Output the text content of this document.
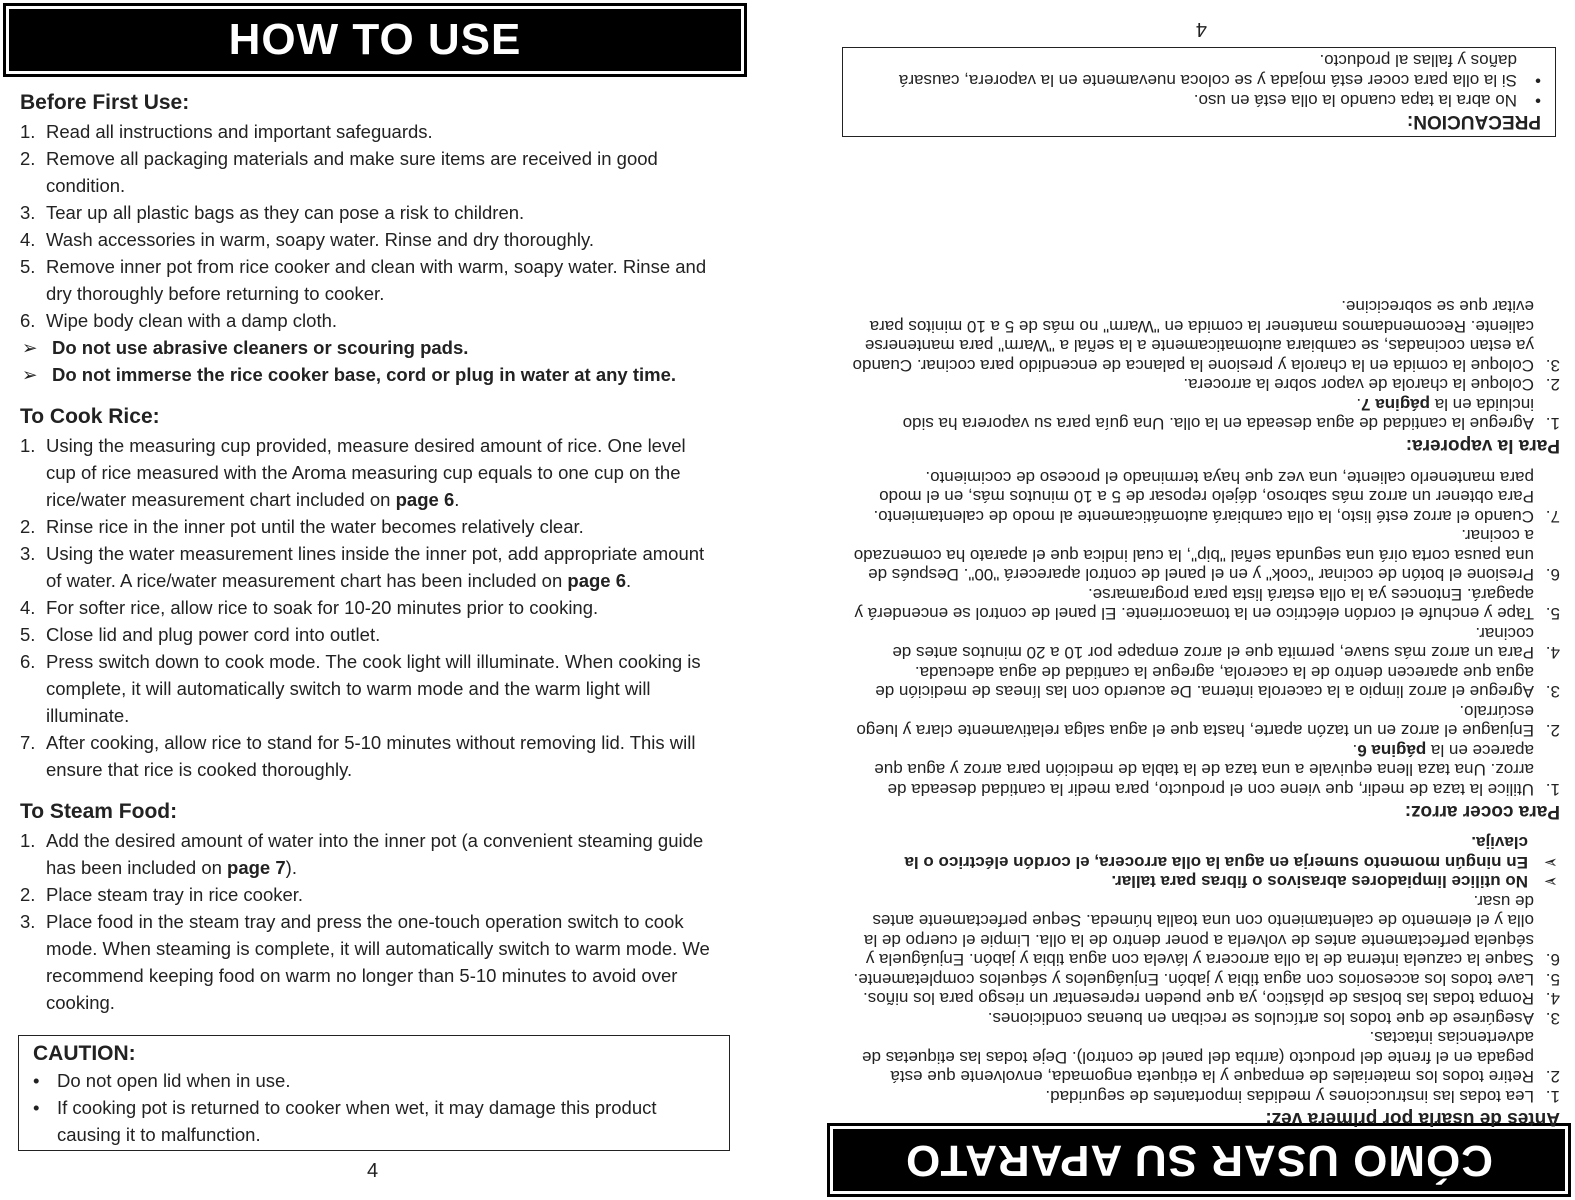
HOW TO USE
Before First Use:
1. Read all instructions and important safeguards.
2. Remove all packaging materials and make sure items are received in good condition.
3. Tear up all plastic bags as they can pose a risk to children.
4. Wash accessories in warm, soapy water. Rinse and dry thoroughly.
5. Remove inner pot from rice cooker and clean with warm, soapy water. Rinse and dry thoroughly before returning to cooker.
6. Wipe body clean with a damp cloth.
➢ Do not use abrasive cleaners or scouring pads.
➢ Do not immerse the rice cooker base, cord or plug in water at any time.
To Cook Rice:
1. Using the measuring cup provided, measure desired amount of rice. One level cup of rice measured with the Aroma measuring cup equals to one cup on the rice/water measurement chart included on page 6.
2. Rinse rice in the inner pot until the water becomes relatively clear.
3. Using the water measurement lines inside the inner pot, add appropriate amount of water. A rice/water measurement chart has been included on page 6.
4. For softer rice, allow rice to soak for 10-20 minutes prior to cooking.
5. Close lid and plug power cord into outlet.
6. Press switch down to cook mode. The cook light will illuminate. When cooking is complete, it will automatically switch to warm mode and the warm light will illuminate.
7. After cooking, allow rice to stand for 5-10 minutes without removing lid. This will ensure that rice is cooked thoroughly.
To Steam Food:
1. Add the desired amount of water into the inner pot (a convenient steaming guide has been included on page 7).
2. Place steam tray in rice cooker.
3. Place food in the steam tray and press the one-touch operation switch to cook mode. When steaming is complete, it will automatically switch to warm mode. We recommend keeping food on warm no longer than 5-10 minutes to avoid over cooking.
CAUTION:
• Do not open lid when in use.
• If cooking pot is returned to cooker when wet, it may damage this product causing it to malfunction.
4	CÓMO USAR SU APARATO
Antes de usarla por primera vez:
1.
Lea todas las instrucciones y medidas importantes de seguridad.
2.
Retire todos los materiales de empaque y la etiqueta engomada, envolvente que está pegada en el frente del producto (arriba del panel de control). Deje todas las etiquetas de advertencias intactas.
3.
Asegúrese de que todos los artículos se reciban en buenas condiciones.
4.
Rompa todas las bolsas de plástico, ya que pueden representar un riesgo para los niños.
5.
Lave todos los accesorios con agua tibia y jabón. Enjuáguelos y séquelos completamente.
6.
Saque la cazuela interna de la olla arrocera y lávela con agua tibia y jabón. Enjuáguela y séquela perfectamente antes de volverla a poner dentro de la olla. Limpie el cuerpo de la olla y el elemento de calentamiento con una toalla húmeda. Seque perfectamente antes de usar.
➢
No utilice limpiadores abrasivos o fibras para tallar.
➢
En ningún momento sumerja en agua la olla arrocera, el cordón eléctrico o la clavija.
Para cocer arroz:
1.
Utilice la taza de medir, que viene con el producto, para medir la cantidad deseada de arroz. Una taza llena equivale a una taza de la tabla de medición para arroz y agua que aparece en la página 6.
2.
Enjuague el arroz en un tazón aparte, hasta que el agua salga relativamente clara y luego escúrralo.
3.
Agregue el arroz limpio a la cacerola interna. De acuerdo con las líneas de medición de agua que aparecen dentro de la cacerola, agregue la cantidad de agua adecuada.
4.
Para un arroz más suave, permita que el arroz empape por 10 a 20 minutos antes de cocinar.
5.
Tape y enchufe el cordón eléctrico en la tomacorriente. El panel de control se encenderá y apagará. Entonces ya la olla estará lista para programarse.
6.
Presione el botón de cocinar "cook" y en el panel de control aparecerá "00". Después de una pausa corta oirá una segunda señal "bip", la cual indica que el aparato ha comenzado a cocinar.
7.
Cuando el arroz esté listo, la olla cambiará automáticamente al modo de calentamiento. Para obtener un arroz más sabroso, déjelo reposar de 5 a 10 minutos más, en el modo para mantenerlo caliente, una vez que haya terminado el proceso de cocimiento.
Para la vaporera:
1.
Agregue la cantidad de agua deseada en la olla. Una guía para su vaporera ha sido incluida en la página 7.
2.
Coloque la charola de vapor sobre la arrocera.
3.
Coloque la comida en la charola y presione la palanca de encendido para cocinar. Cuando ya estan cocinadas, se cambiara automaticamente a la señal a "Warm" para mantenerse caliente. Recomendamos mantener la comida en "Warm" no más de 5 a 10 minitos para evitar que se sobrecicine.
PRECAUCION:
•
No abra la tapa cuando la olla está en uso.
•
Si la olla para cocer está mojada y se coloca nuevamente en la vaporera, causará daños y fallas al producto.
4
